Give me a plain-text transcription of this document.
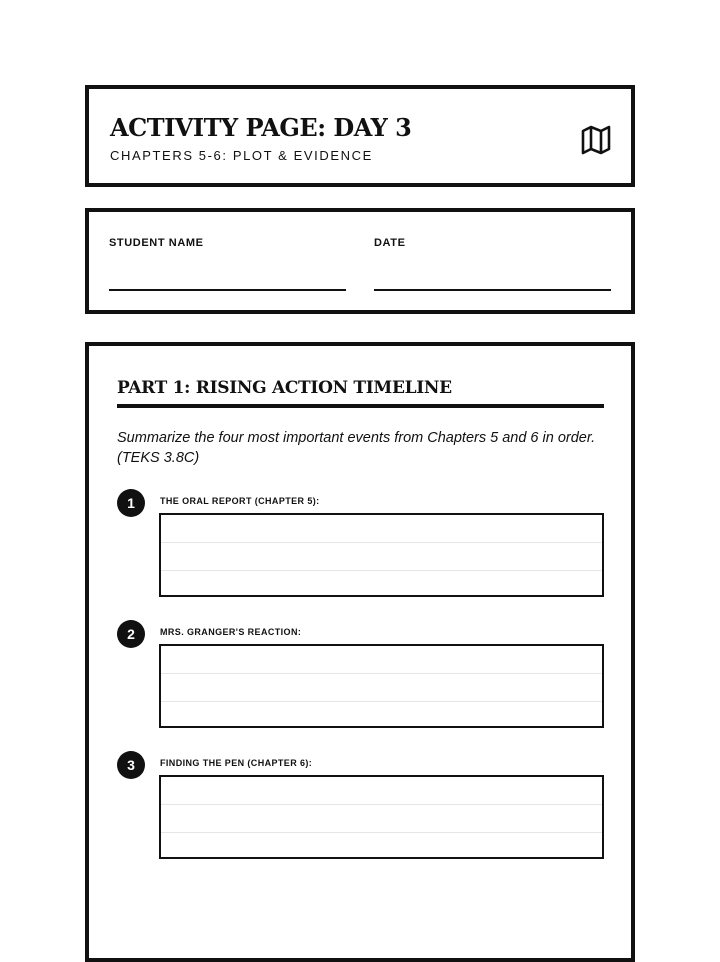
ACTIVITY PAGE: DAY 3
CHAPTERS 5-6: PLOT & EVIDENCE
STUDENT NAME	DATE
PART 1: RISING ACTION TIMELINE
Summarize the four most important events from Chapters 5 and 6 in order. (TEKS 3.8C)
1	THE ORAL REPORT (CHAPTER 5):
2	MRS. GRANGER'S REACTION:
3	FINDING THE PEN (CHAPTER 6):
